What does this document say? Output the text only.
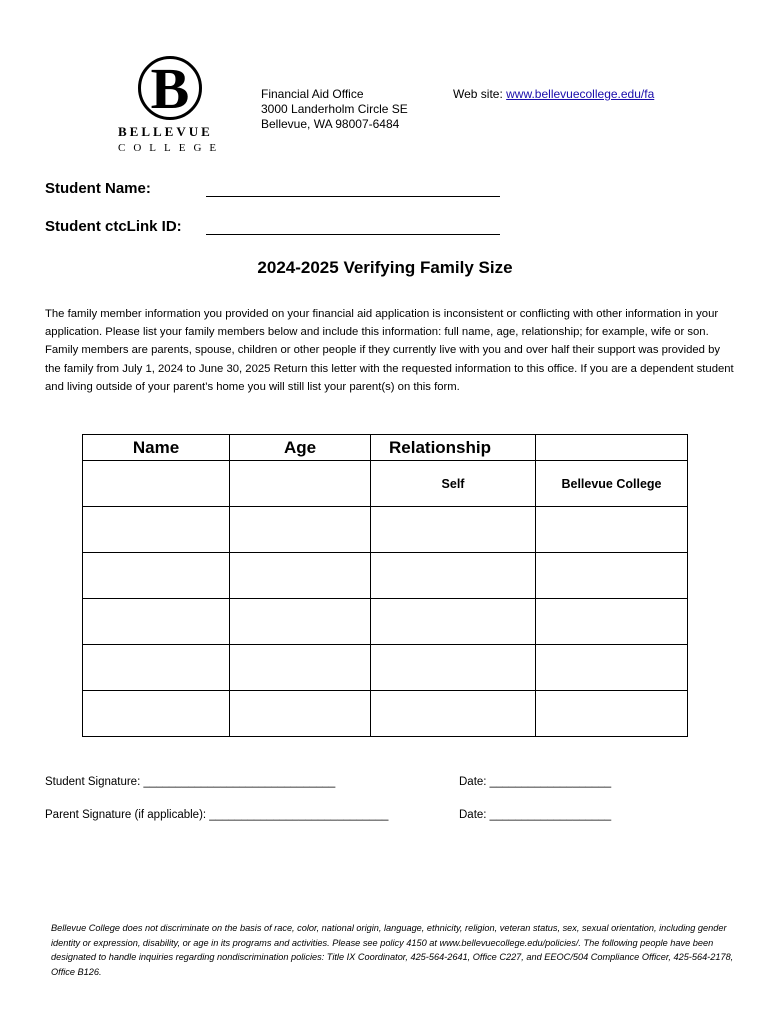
B
BELLEVUE
COLLEGE
Financial Aid Office
3000 Landerholm Circle SE
Bellevue, WA 98007-6484
Web site: www.bellevuecollege.edu/fa
Student Name:
Student ctcLink ID:
2024-2025 Verifying Family Size
The family member information you provided on your financial aid application is inconsistent or conflicting with other information in your application. Please list your family members below and include this information: full name, age, relationship; for example, wife or son. Family members are parents, spouse, children or other people if they currently live with you and over half their support was provided by the family from July 1, 2024 to June 30, 2025 Return this letter with the requested information to this office. If you are a dependent student and living outside of your parent’s home you will still list your parent(s) on this form.
Name	Age	Relationship	
		Self	Bellevue College

Student Signature: ______________________________	Date: ___________________
Parent Signature (if applicable): ____________________________	Date: ___________________
Bellevue College does not discriminate on the basis of race, color, national origin, language, ethnicity, religion, veteran status, sex, sexual orientation, including gender identity or expression, disability, or age in its programs and activities. Please see policy 4150 at www.bellevuecollege.edu/policies/. The following people have been designated to handle inquiries regarding nondiscrimination policies: Title IX Coordinator, 425-564-2641, Office C227, and EEOC/504 Compliance Officer, 425-564-2178, Office B126.
